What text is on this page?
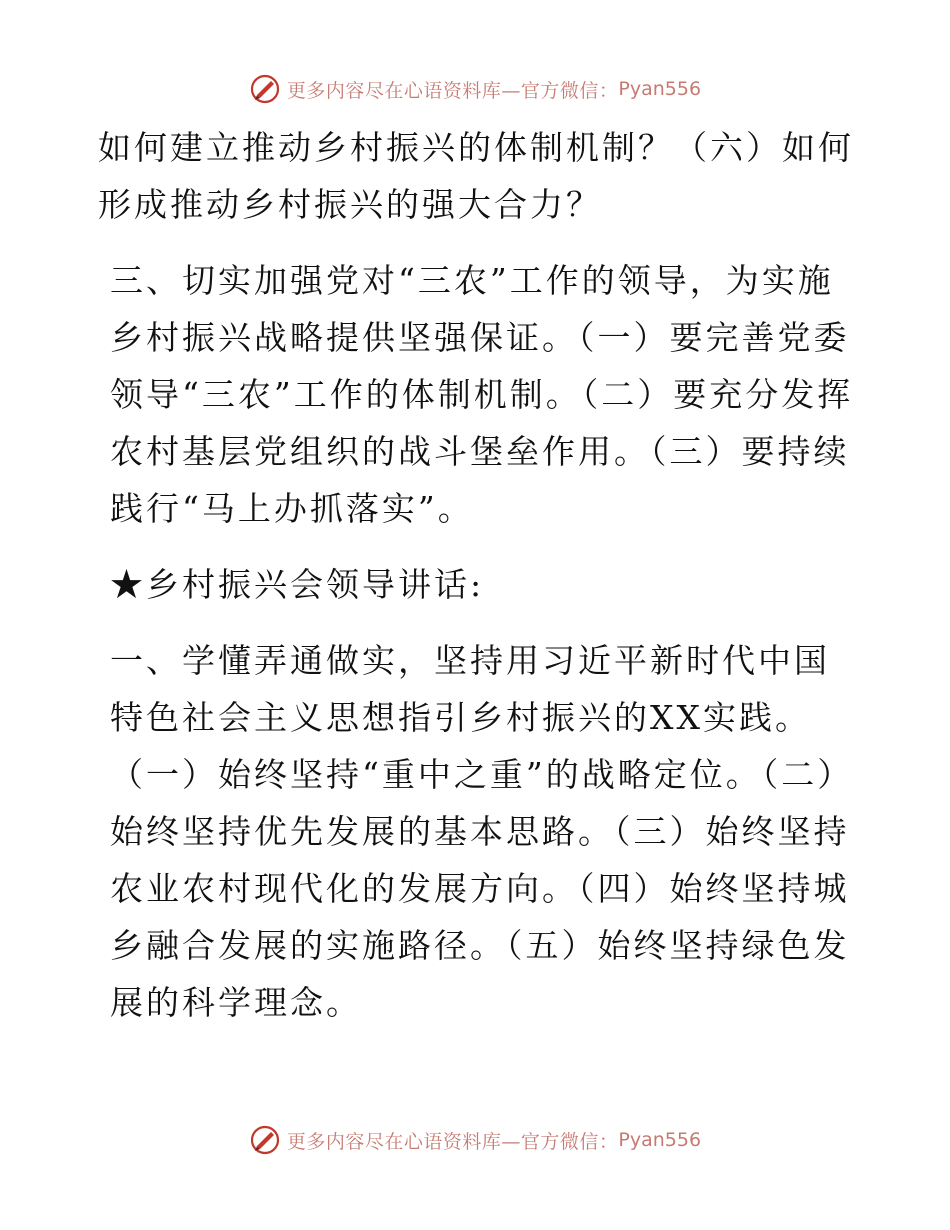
更多内容尽在心语资料库—官方微信： Pyan556

如何建立推动乡村振兴的体制机制？（六）如何形成推动乡村振兴的强大合力？

三、切实加强党对“三农”工作的领导，为实施乡村振兴战略提供坚强保证。（一）要完善党委领导“三农”工作的体制机制。（二）要充分发挥农村基层党组织的战斗堡垒作用。（三）要持续践行“马上办抓落实”。

★乡村振兴会领导讲话:

一、学懂弄通做实，坚持用习近平新时代中国特色社会主义思想指引乡村振兴的XX实践。（一）始终坚持“重中之重”的战略定位。（二）始终坚持优先发展的基本思路。（三）始终坚持农业农村现代化的发展方向。（四）始终坚持城乡融合发展的实施路径。（五）始终坚持绿色发展的科学理念。

更多内容尽在心语资料库—官方微信： Pyan556
